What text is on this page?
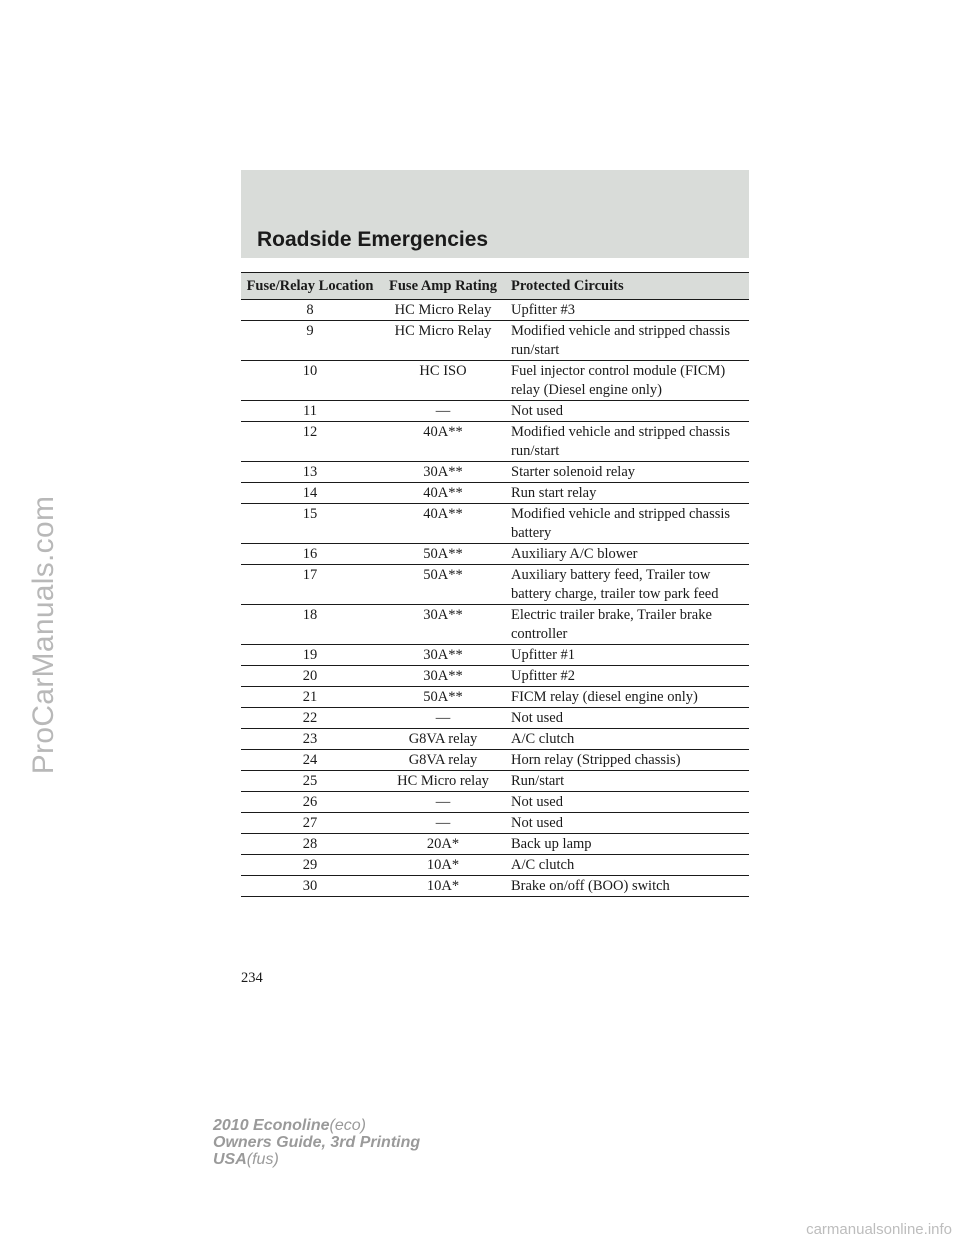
ProCarManuals.com
Roadside Emergencies
Fuse/Relay Location	Fuse Amp Rating	Protected Circuits
8	HC Micro Relay	Upfitter #3
9	HC Micro Relay	Modified vehicle and stripped chassis run/start
10	HC ISO	Fuel injector control module (FICM) relay (Diesel engine only)
11	—	Not used
12	40A**	Modified vehicle and stripped chassis run/start
13	30A**	Starter solenoid relay
14	40A**	Run start relay
15	40A**	Modified vehicle and stripped chassis battery
16	50A**	Auxiliary A/C blower
17	50A**	Auxiliary battery feed, Trailer tow battery charge, trailer tow park feed
18	30A**	Electric trailer brake, Trailer brake controller
19	30A**	Upfitter #1
20	30A**	Upfitter #2
21	50A**	FICM relay (diesel engine only)
22	—	Not used
23	G8VA relay	A/C clutch
24	G8VA relay	Horn relay (Stripped chassis)
25	HC Micro relay	Run/start
26	—	Not used
27	—	Not used
28	20A*	Back up lamp
29	10A*	A/C clutch
30	10A*	Brake on/off (BOO) switch
234
2010 Econoline(eco)
Owners Guide, 3rd Printing
USA(fus)
carmanualsonline.info
